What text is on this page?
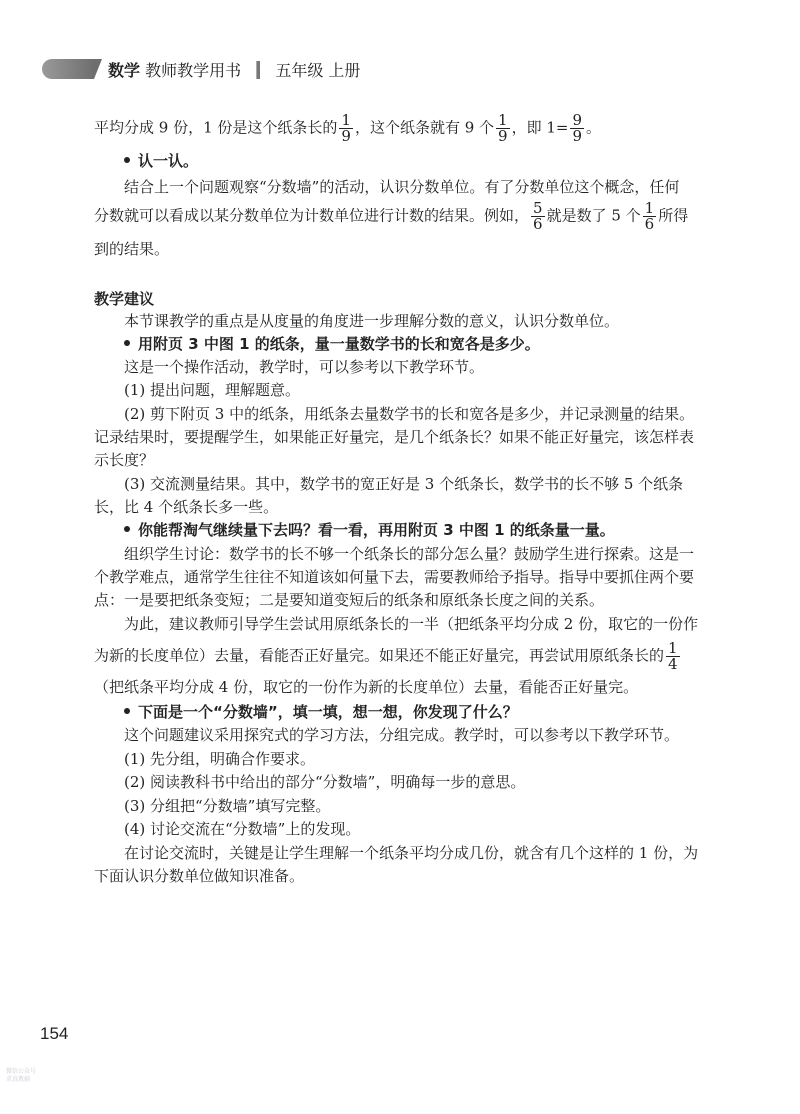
数学 教师教学用书 五年级 上册
平均分成 9 份，1 份是这个纸条长的 $\frac{1}{9}$ ，这个纸条就有 9 个 $\frac{1}{9}$ ，即 $1= \frac{9}{9}$ 。
认一认。
结合上一个问题观察“分数墙”的活动，认识分数单位。有了分数单位这个概念，任何
分数就可以看成以某分数单位为计数单位进行计数的结果。例如， $\frac{5}{6}$ 就是数了 5 个 $\frac{1}{6}$ 所得
到的结果。
教学建议
本节课教学的重点是从度量的角度进一步理解分数的意义，认识分数单位。
用附页 3 中图 1 的纸条，量一量数学书的长和宽各是多少。
这是一个操作活动，教学时，可以参考以下教学环节。
(1) 提出问题，理解题意。
(2) 剪下附页 3 中的纸条，用纸条去量数学书的长和宽各是多少，并记录测量的结果。
记录结果时，要提醒学生，如果能正好量完，是几个纸条长？如果不能正好量完，该怎样表
示长度？
(3) 交流测量结果。其中，数学书的宽正好是 3 个纸条长，数学书的长不够 5 个纸条
长，比 4 个纸条长多一些。
你能帮淘气继续量下去吗？看一看，再用附页 3 中图 1 的纸条量一量。
组织学生讨论：数学书的长不够一个纸条长的部分怎么量？鼓励学生进行探索。这是一
个教学难点，通常学生往往不知道该如何量下去，需要教师给予指导。指导中要抓住两个要
点：一是要把纸条变短；二是要知道变短后的纸条和原纸条长度之间的关系。
为此，建议教师引导学生尝试用原纸条长的一半（把纸条平均分成 2 份，取它的一份作
为新的长度单位）去量，看能否正好量完。如果还不能正好量完，再尝试用原纸条长的 $\frac{1}{4}$
（把纸条平均分成 4 份，取它的一份作为新的长度单位）去量，看能否正好量完。
下面是一个“分数墙”，填一填，想一想，你发现了什么？
这个问题建议采用探究式的学习方法，分组完成。教学时，可以参考以下教学环节。
(1) 先分组，明确合作要求。
(2) 阅读教科书中给出的部分“分数墙”，明确每一步的意思。
(3) 分组把“分数墙”填写完整。
(4) 讨论交流在“分数墙”上的发现。
在讨论交流时，关键是让学生理解一个纸条平均分成几份，就含有几个这样的 1 份，为
下面认识分数单位做知识准备。
154
微信公众号
求真教辅
